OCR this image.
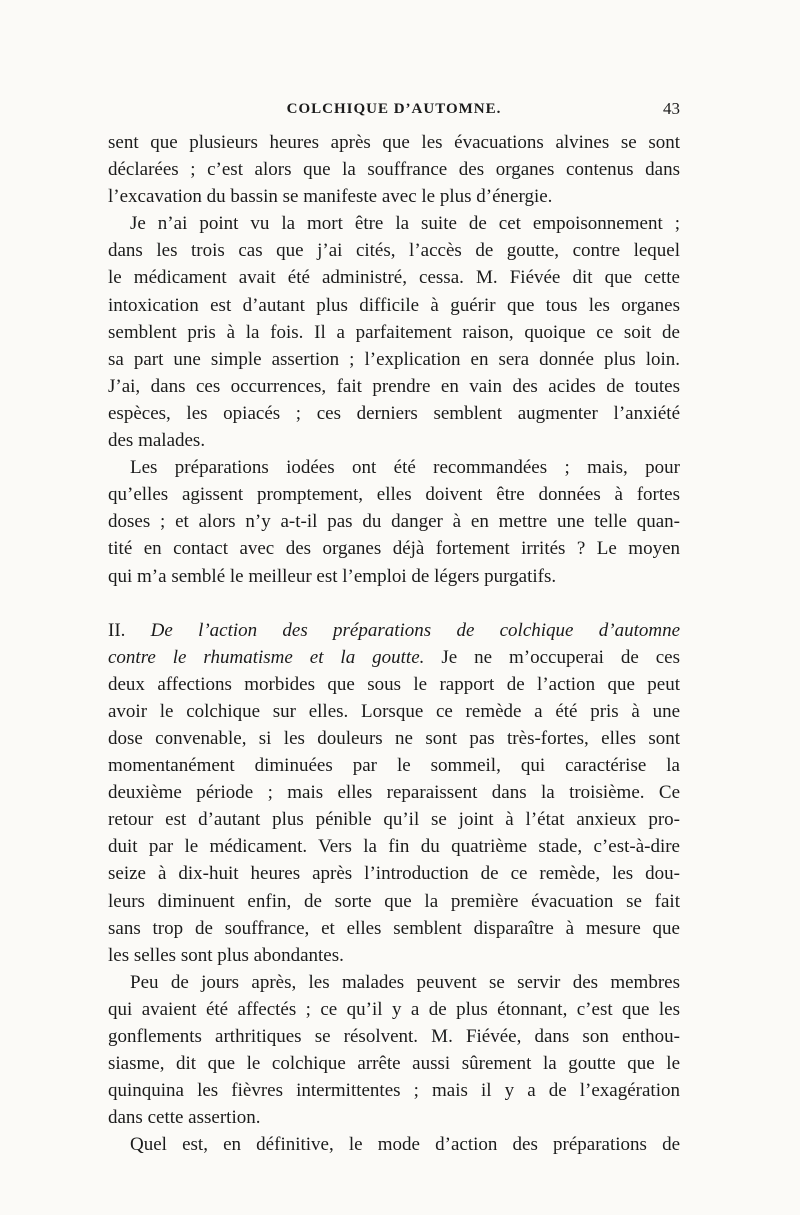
COLCHIQUE D’AUTOMNE.	43
sent que plusieurs heures après que les évacuations alvines se sont
déclarées ; c’est alors que la souffrance des organes contenus dans
l’excavation du bassin se manifeste avec le plus d’énergie.
Je n’ai point vu la mort être la suite de cet empoisonnement ;
dans les trois cas que j’ai cités, l’accès de goutte, contre lequel
le médicament avait été administré, cessa. M. Fiévée dit que cette
intoxication est d’autant plus difficile à guérir que tous les organes
semblent pris à la fois. Il a parfaitement raison, quoique ce soit de
sa part une simple assertion ; l’explication en sera donnée plus loin.
J’ai, dans ces occurrences, fait prendre en vain des acides de toutes
espèces, les opiacés ; ces derniers semblent augmenter l’anxiété
des malades.
Les préparations iodées ont été recommandées ; mais, pour
qu’elles agissent promptement, elles doivent être données à fortes
doses ; et alors n’y a-t-il pas du danger à en mettre une telle quan-
tité en contact avec des organes déjà fortement irrités ? Le moyen
qui m’a semblé le meilleur est l’emploi de légers purgatifs.
II. De l’action des préparations de colchique d’automne
contre le rhumatisme et la goutte. Je ne m’occuperai de ces
deux affections morbides que sous le rapport de l’action que peut
avoir le colchique sur elles. Lorsque ce remède a été pris à une
dose convenable, si les douleurs ne sont pas très-fortes, elles sont
momentanément diminuées par le sommeil, qui caractérise la
deuxième période ; mais elles reparaissent dans la troisième. Ce
retour est d’autant plus pénible qu’il se joint à l’état anxieux pro-
duit par le médicament. Vers la fin du quatrième stade, c’est-à-dire
seize à dix-huit heures après l’introduction de ce remède, les dou-
leurs diminuent enfin, de sorte que la première évacuation se fait
sans trop de souffrance, et elles semblent disparaître à mesure que
les selles sont plus abondantes.
Peu de jours après, les malades peuvent se servir des membres
qui avaient été affectés ; ce qu’il y a de plus étonnant, c’est que les
gonflements arthritiques se résolvent. M. Fiévée, dans son enthou-
siasme, dit que le colchique arrête aussi sûrement la goutte que le
quinquina les fièvres intermittentes ; mais il y a de l’exagération
dans cette assertion.
Quel est, en définitive, le mode d’action des préparations de
